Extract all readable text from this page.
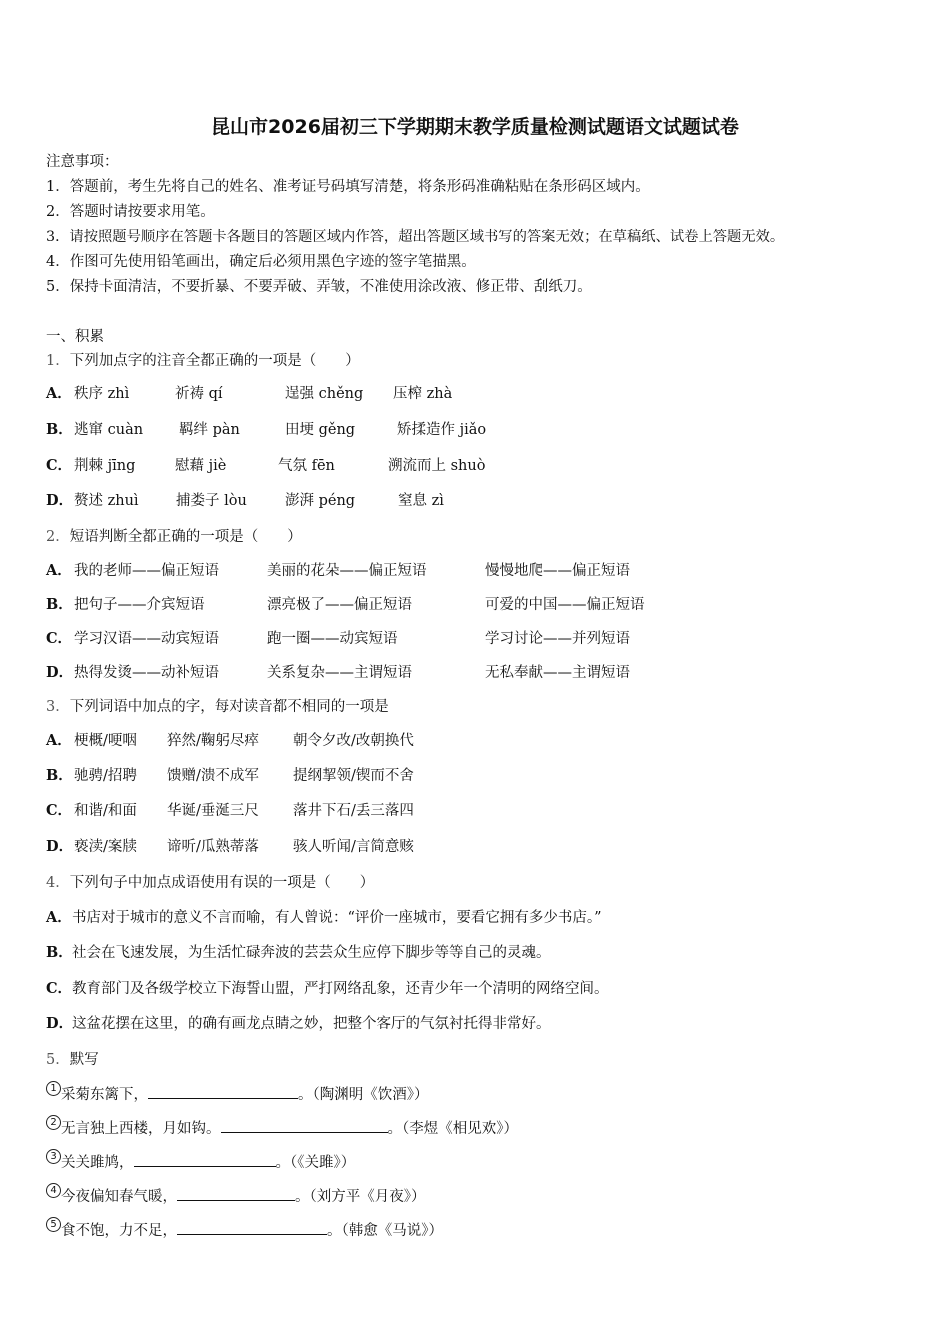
昆山市2026届初三下学期期末教学质量检测试题语文试题试卷
注意事项：
1．答题前，考生先将自己的姓名、准考证号码填写清楚，将条形码准确粘贴在条形码区域内。
2．答题时请按要求用笔。
3．请按照题号顺序在答题卡各题目的答题区域内作答，超出答题区域书写的答案无效；在草稿纸、试卷上答题无效。
4．作图可先使用铅笔画出，确定后必须用黑色字迹的签字笔描黑。
5．保持卡面清洁，不要折暴、不要弄破、弄皱，不准使用涂改液、修正带、刮纸刀。
一、积累
1．下列加点字的注音全都正确的一项是（　　）
A． 秩序 zhì	祈祷 qí	逞强 chěng 压榨 zhà
B． 逃窜 cuàn 羁绊 pàn	田埂 gěng	矫揉造作 jiǎo
C． 荆棘 jīng	慰藉 jiè	气氛 fēn	溯流而上 shuò
D． 赘述 zhuì	捕娄子 lòu	澎湃 péng	窒息 zì
2．短语判断全都正确的一项是（　　）
A． 我的老师——偏正短语	美丽的花朵——偏正短语	慢慢地爬——偏正短语
B． 把句子——介宾短语	漂亮极了——偏正短语	可爱的中国——偏正短语
C． 学习汉语——动宾短语	跑一圈——动宾短语	学习讨论——并列短语
D． 热得发烫——动补短语	关系复杂——主谓短语	无私奉献——主谓短语
3．下列词语中加点的字，每对读音都不相同的一项是
A． 梗概/哽咽 猝然/鞠躬尽瘁 朝令夕改/改朝换代
B． 驰骋/招聘 馈赠/溃不成军 提纲挈领/锲而不舍
C． 和谐/和面 华诞/垂涎三尺 落井下石/丢三落四
D． 亵渎/案牍 谛听/瓜熟蒂落 骇人听闻/言简意赅
4．下列句子中加点成语使用有误的一项是（　　）
A．书店对于城市的意义不言而喻，有人曾说：“评价一座城市，要看它拥有多少书店。”
B．社会在飞速发展，为生活忙碌奔波的芸芸众生应停下脚步等等自己的灵魂。
C．教育部门及各级学校立下海誓山盟，严打网络乱象，还青少年一个清明的网络空间。
D．这盆花摆在这里，的确有画龙点睛之妙，把整个客厅的气氛衬托得非常好。
5．默写
1 采菊东篱下，	。（陶渊明《饮酒》）
2 无言独上西楼，月如钩。	。（李煜《相见欢》）
3 关关雎鸠，	。（《关雎》）
4 今夜偏知春气暖，	。（刘方平《月夜》）
5 食不饱，力不足，	。（韩愈《马说》）
